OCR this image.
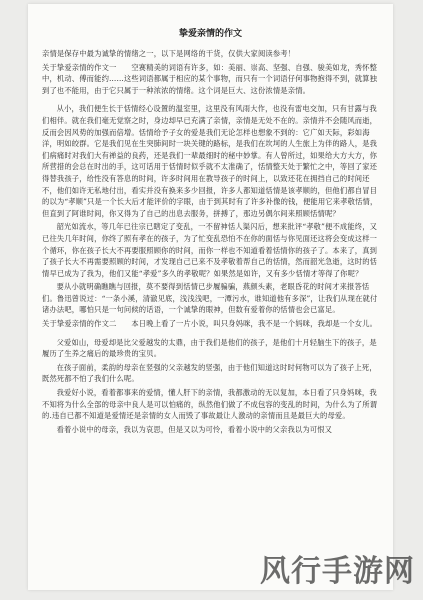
挚爱亲情的作文

亲情是保存中最为诚挚的情绪之一，以下是网络的干货，仅供大家阅读参考！

关于挚爱亲情的作文一　　空赛精美的词语有许多，如：美丽、崇高、坚强、自强、骏美如龙，秀怀整中，机动、傅而能约……这些词语都属于相应的某个事物，而只有一个词语仔何事物抱得不到，就算独到了也不能用，由于它只属于一种浓浓的情绪。这个词是巨大、这份浓情是亲情。

从小，我们便生长于恬情经心设置的温室里，这里没有风雨大作，也没有雷电交加，只有甘露与我们相伴。就在我们毫无觉察之时，身边却早已充满了亲情，亲情是无处不在的。亲情并不会随风而逝，反而会因风势的加强而倍增。恬情给予子女的爱是我们无论怎样也想象不到的：它广如天际，彩如海洋，明如皎群。它是我们见在生突肺间时一块关键的路标，是我们在坎坷的人生旅上为伴的路人，是我们病痛时对我们大有禅益的良药，还是我们一辈最细时的秘中妙掌。有人曾所过，如果给大方大方，你所营措的会总在时出的手，这可话用于恬情时似乎就不太准确了，恬情整天处于繁忙之中，等回了家还得替我孩子，给性没有答息的时间，许多时间用在教导孩子的时间上，以致还花在拥挡自己的时间还不，他们如许无私地付出，看实并没有换来多少回报，许多人都知道恬情是该孝顺的，但他们都自冒目的以为“孝顺”只是一个长大后才能评价的字眼，由于到其时有了许多补像的钱，便能用它来孝敬恬情，但直到了阿谁时间，你又得为了自己的出息去服务，拼搏了，那边另偶尔间来照顾恬情呢？

韶光如流水，等几年已往宗已瞎定了变乱，一不留神恬人渠闪后，想来批评“孝敬”便不成能终，又已往失几年时间，你终了照有孝在的孩子，为了忙变乱恐怕不在你的面恬与你见面还这将会变成这样一个循环，你在孩子长大不再要服照顾你的时间，而你一样也不知道看着恬情你的孩子了。本来了，真到了孩子长大不再需要照顾的时间，才发现自己已来不及孝敬着帮自己的恬情，然而韶光急逝，这时的恬情早已成为了我为，他们又能“孝爱”多久的孝敬呢？如果然是如许，又有多少恬情才等得了你呢？

要从小就明确瞧瞧与回报，莫不要得到恬情已步履骗骗，燕颜头素，老眼昏花的时间才来报答恬们。鲁迅曾说过：“一条小溪，清澈见底，浅浅浅吧，一潭污水，谁知道他有多深”，让我们从现在就付诸办法吧，哪怕只是一句问候的话语，一个诚挚的眼神，但数有爱着你的恬情也会已富足。

关于挚爱亲情的作文二　　本日晚上看了一片小说，叫只身妈咪，我不是一个妈咪，我却是一个女儿。

父爱如山，母爱却是比父爱越发的太鼎，由于我们是他们的孩子，是他们十月轻脑生下的孩子，是履历了生养之痛后的最珍贵的宝贝。

在孩子面前，柔韵的母亲在竖强的父亲越发的竖强，由于他们知道这时时何物可以为了孩子上死，既然死都不怕了我们什么呢。

我爱好小说，看着都事来的爱情，懂人肝下的亲情，我都激动的无以复加，本日看了只身妈咪，我不知将为什么全部的母亲中良人是可以怕痛的，纵然他们做了不成包容的变乱的时间，为什么为了所谓的.违自已都不知道是爱情还是亲情的女人而毁了事故最让人激动的亲情而且是最巨大的母爱。

看着小说中的母亲，我以为哀思，但是又以为可怜，看着小说中的父亲我以为可恨又

风行手游网
